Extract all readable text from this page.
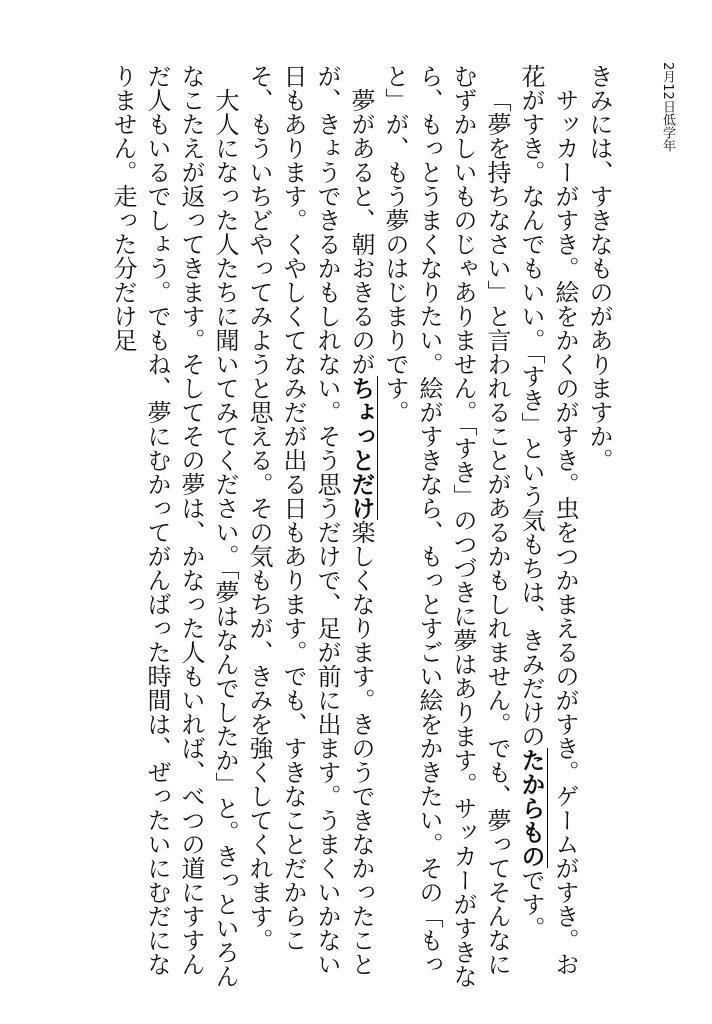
2月12日低学年

きみには、すきなものがありますか。

サッカーがすき。絵をかくのがすき。虫をつかまえるのがすき。ゲームがすき。お花がすき。なんでもいい。「すき」という気もちは、きみだけのたからものです。

「夢を持ちなさい」と言われることがあるかもしれません。でも、夢ってそんなにむずかしいものじゃありません。「すき」のつづきに夢はあります。サッカーがすきなら、もっとうまくなりたい。絵がすきなら、もっとすごい絵をかきたい。その「もっと」が、もう夢のはじまりです。

夢があると、朝おきるのがちょっとだけ楽しくなります。きのうできなかったことが、きょうできるかもしれない。そう思うだけで、足が前に出ます。うまくいかない日もあります。くやしくてなみだが出る日もあります。でも、すきなことだからこそ、もういちどやってみようと思える。その気もちが、きみを強くしてくれます。

大人になった人たちに聞いてみてください。「夢はなんでしたか」と。きっといろんなこたえが返ってきます。そしてその夢は、かなった人もいれば、べつの道にすすんだ人もいるでしょう。でもね、夢にむかってがんばった時間は、ぜったいにむだになりません。走った分だけ足
